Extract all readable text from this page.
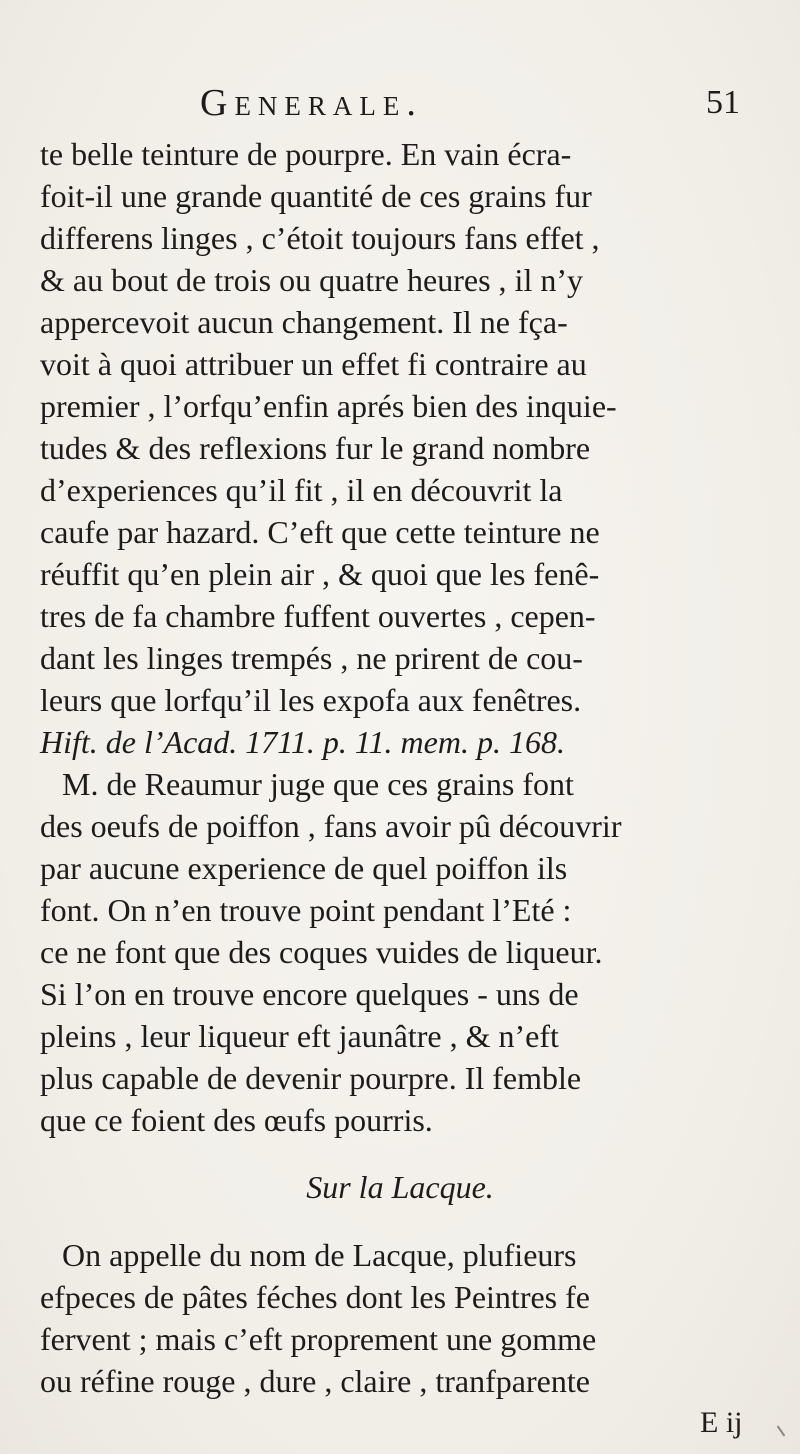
Generale.	51
te belle teinture de pourpre. En vain écra-
foit-il une grande quantité de ces grains fur
differens linges , c’étoit toujours fans effet ,
& au bout de trois ou quatre heures , il n’y
appercevoit aucun changement. Il ne fça-
voit à quoi attribuer un effet fi contraire au
premier , l’orfqu’enfin aprés bien des inquie-
tudes & des reflexions fur le grand nombre
d’experiences qu’il fit , il en découvrit la
caufe par hazard. C’eft que cette teinture ne
réuffit qu’en plein air , & quoi que les fenê-
tres de fa chambre fuffent ouvertes , cepen-
dant les linges trempés , ne prirent de cou-
leurs que lorfqu’il les expofa aux fenêtres.
Hift. de l’Acad. 1711. p. 11. mem. p. 168.
M. de Reaumur juge que ces grains font
des oeufs de poiffon , fans avoir pû découvrir
par aucune experience de quel poiffon ils
font. On n’en trouve point pendant l’Eté :
ce ne font que des coques vuides de liqueur.
Si l’on en trouve encore quelques - uns de
pleins , leur liqueur eft jaunâtre , & n’eft
plus capable de devenir pourpre. Il femble
que ce foient des œufs pourris.
Sur la Lacque.
On appelle du nom de Lacque, plufieurs
efpeces de pâtes féches dont les Peintres fe
fervent ; mais c’eft proprement une gomme
ou réfine rouge , dure , claire , tranfparente
E ij
